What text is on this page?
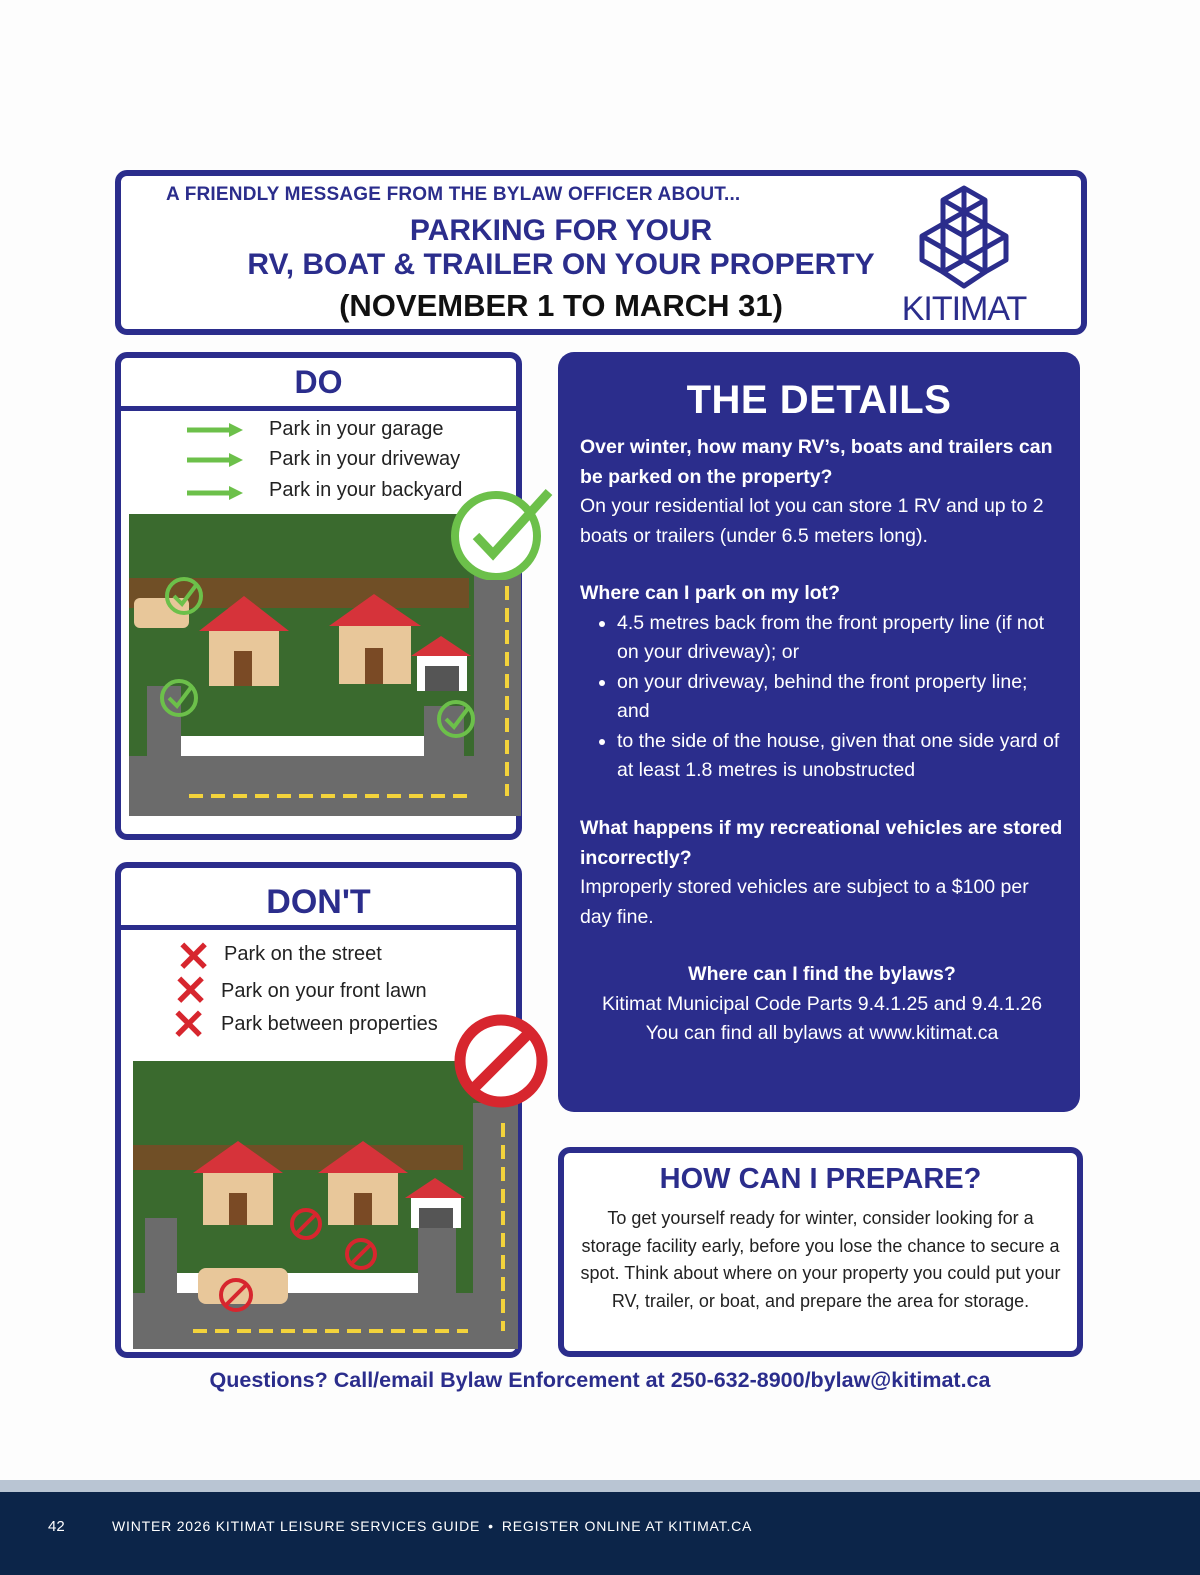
A FRIENDLY MESSAGE FROM THE BYLAW OFFICER ABOUT...
PARKING FOR YOUR
RV, BOAT & TRAILER ON YOUR PROPERTY
(NOVEMBER 1 TO MARCH 31)	KITIMAT
DO
Park in your garage
Park in your driveway
Park in your backyard
DON'T
✕
✕
✕
Park on the street
Park on your front lawn
Park between properties
THE DETAILS
Over winter, how many RV’s, boats and trailers can be parked on the property?
On your residential lot you can store 1 RV and up to 2 boats or trailers (under 6.5 meters long).
Where can I park on my lot?
• 4.5 metres back from the front property line (if not on your driveway); or
• on your driveway, behind the front property line; and
• to the side of the house, given that one side yard of at least 1.8 metres is unobstructed
What happens if my recreational vehicles are stored incorrectly?
Improperly stored vehicles are subject to a $100 per day fine.
Where can I find the bylaws?
Kitimat Municipal Code Parts 9.4.1.25 and 9.4.1.26
You can find all bylaws at www.kitimat.ca
HOW CAN I PREPARE?
To get yourself ready for winter, consider looking for a storage facility early, before you lose the chance to secure a spot. Think about where on your property you could put your RV, trailer, or boat, and prepare the area for storage.
Questions? Call/email Bylaw Enforcement at 250-632-8900/bylaw@kitimat.ca
42	WINTER 2026 KITIMAT LEISURE SERVICES GUIDE • REGISTER ONLINE AT KITIMAT.CA
